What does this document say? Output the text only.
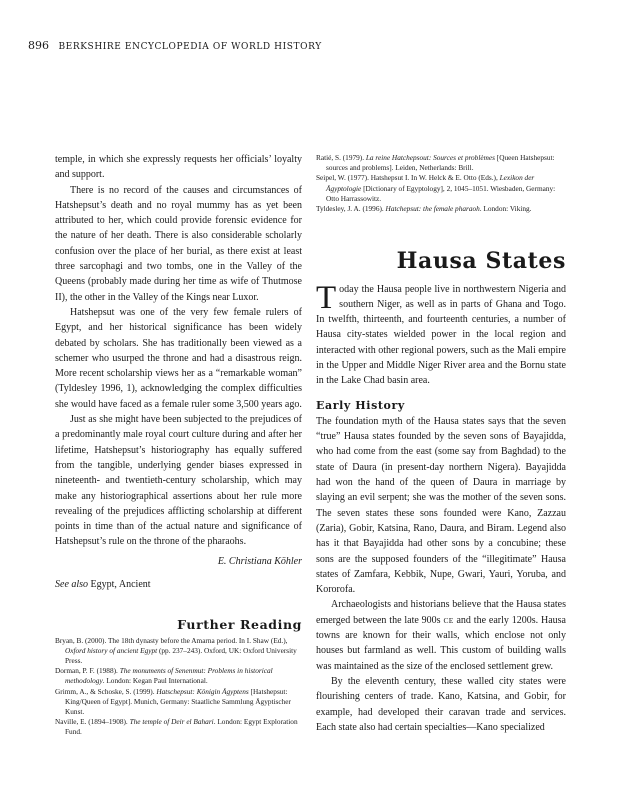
896 BERKSHIRE ENCYCLOPEDIA OF WORLD HISTORY

temple, in which she expressly requests her officials’ loyalty and support.

There is no record of the causes and circumstances of Hatshepsut’s death and no royal mummy has as yet been attributed to her, which could provide forensic evidence for the nature of her death. There is also considerable scholarly confusion over the place of her burial, as there exist at least three sarcophagi and two tombs, one in the Valley of the Queens (probably made during her time as wife of Thutmose II), the other in the Valley of the Kings near Luxor.

Hatshepsut was one of the very few female rulers of Egypt, and her historical significance has been widely debated by scholars. She has traditionally been viewed as a schemer who usurped the throne and had a disastrous reign. More recent scholarship views her as a “remarkable woman” (Tyldesley 1996, 1), acknowledging the complex difficulties she would have faced as a female ruler some 3,500 years ago.

Just as she might have been subjected to the prejudices of a predominantly male royal court culture during and after her lifetime, Hatshepsut’s historiography has equally suffered from the tangible, underlying gender biases expressed in nineteenth- and twentieth-century scholarship, which may make any historiographical assertions about her rule more revealing of the prejudices afflicting scholarship at different points in time than of the actual nature and significance of Hatshepsut’s rule on the throne of the pharaohs.

E. Christiana Köhler
See also Egypt, Ancient
Further Reading
Bryan, B. (2000). The 18th dynasty before the Amarna period. In I. Shaw (Ed.), Oxford history of ancient Egypt (pp. 237–243). Oxford, UK: Oxford University Press.
Dorman, P. F. (1988). The monuments of Senenmut: Problems in historical methodology. London: Kegan Paul International.
Grimm, A., & Schoske, S. (1999). Hatschepsut: Königin Ägyptens [Hatshepsut: King/Queen of Egypt]. Munich, Germany: Staatliche Sammlung Ägyptischer Kunst.
Naville, E. (1894–1908). The temple of Deir el Bahari. London: Egypt Exploration Fund.
Ratié, S. (1979). La reine Hatchepsout: Sources et problèmes [Queen Hatshepsut: sources and problems]. Leiden, Netherlands: Brill.
Seipel, W. (1977). Hatshepsut I. In W. Helck & E. Otto (Eds.), Lexikon der Ägyptologie [Dictionary of Egyptology], 2, 1045–1051. Wiesbaden, Germany: Otto Harrassowitz.
Tyldesley, J. A. (1996). Hatchepsut: the female pharaoh. London: Viking.
Hausa States

Today the Hausa people live in northwestern Nigeria and southern Niger, as well as in parts of Ghana and Togo. In twelfth, thirteenth, and fourteenth centuries, a number of Hausa city-states wielded power in the local region and interacted with other regional powers, such as the Mali empire in the Upper and Middle Niger River area and the Bornu state in the Lake Chad basin area.

Early History

The foundation myth of the Hausa states says that the seven “true” Hausa states founded by the seven sons of Bayajidda, who had come from the east (some say from Baghdad) to the state of Daura (in present-day northern Nigera). Bayajidda had won the hand of the queen of Daura in marriage by slaying an evil serpent; she was the mother of the seven sons. The seven states these sons founded were Kano, Zazzau (Zaria), Gobir, Katsina, Rano, Daura, and Biram. Legend also has it that Bayajidda had other sons by a concubine; these sons are the supposed founders of the “illegitimate” Hausa states of Zamfara, Kebbik, Nupe, Gwari, Yauri, Yoruba, and Kororofa.

Archaeologists and historians believe that the Hausa states emerged between the late 900s CE and the early 1200s. Hausa towns are known for their walls, which enclose not only houses but farmland as well. This custom of building walls was maintained as the size of the enclosed settlement grew.

By the eleventh century, these walled city states were flourishing centers of trade. Kano, Katsina, and Gobir, for example, had developed their caravan trade and services. Each state also had certain specialties—Kano specialized
